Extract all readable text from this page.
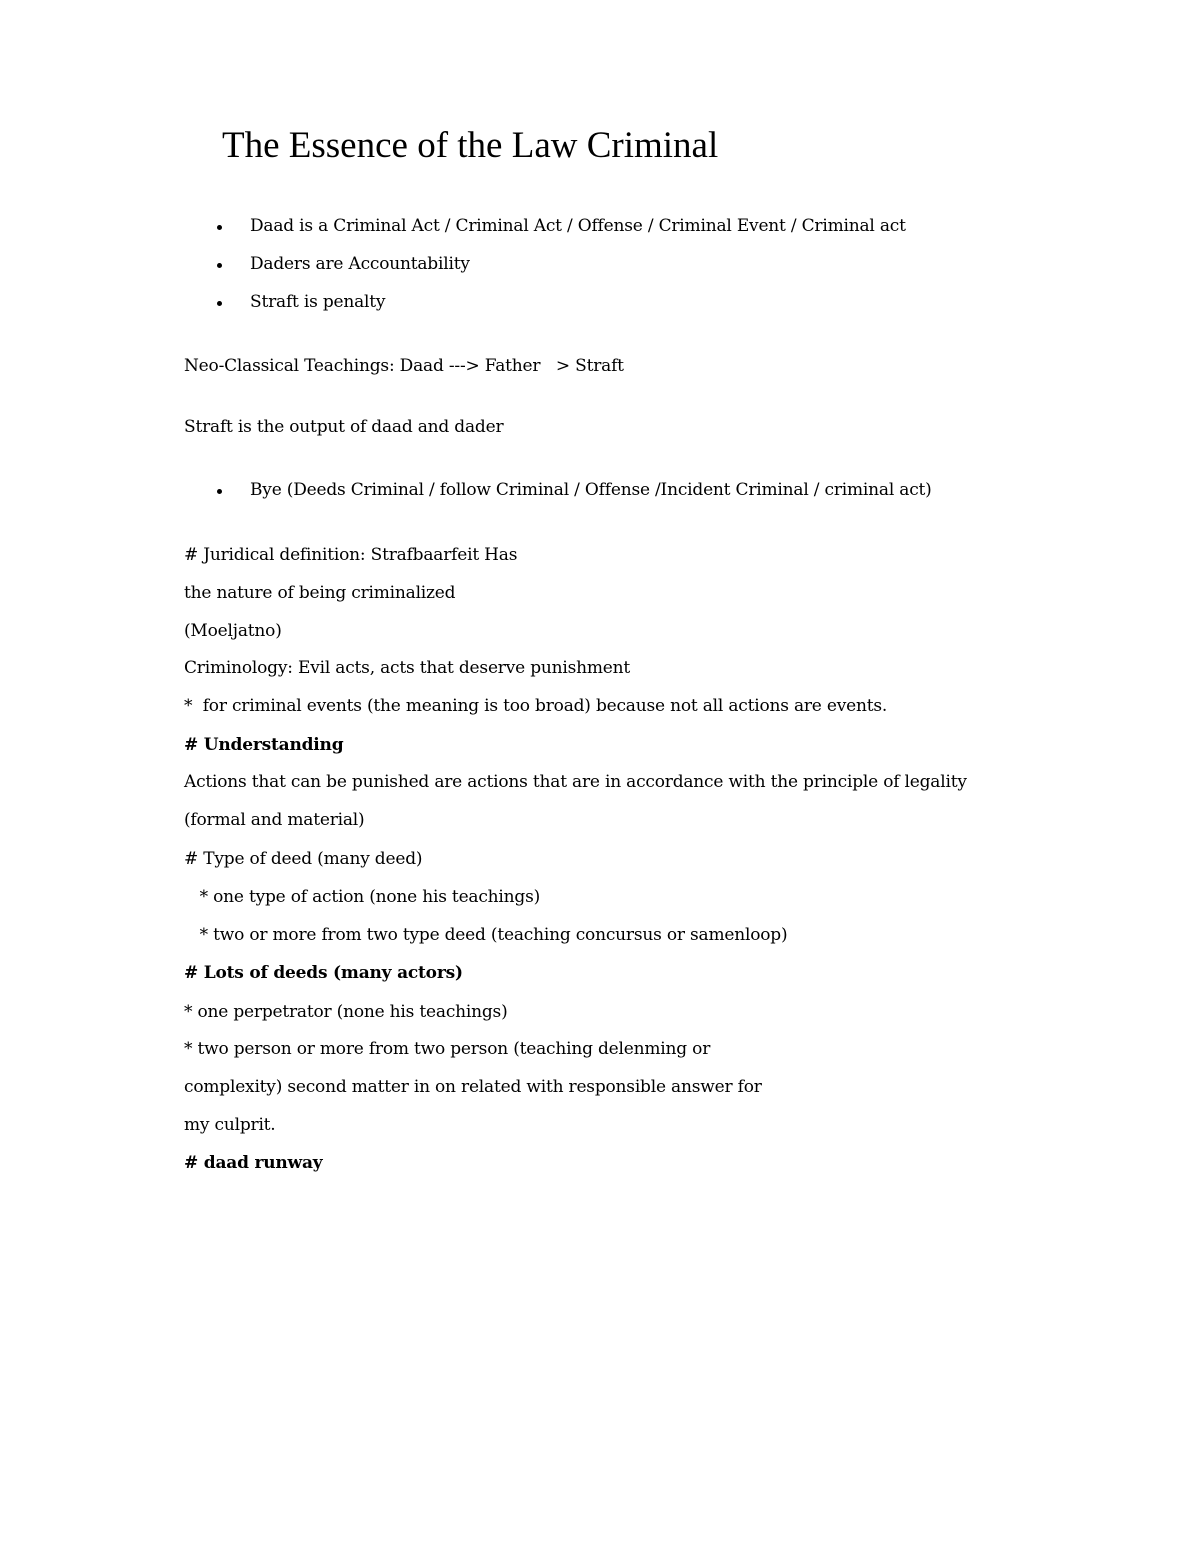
The Essence of the Law Criminal
Daad is a Criminal Act / Criminal Act / Offense / Criminal Event / Criminal act
Daders are Accountability
Straft is penalty
Neo-Classical Teachings: Daad ---> Father   > Straft
Straft is the output of daad and dader
Bye (Deeds Criminal / follow Criminal / Offense /Incident Criminal / criminal act)
# Juridical definition: Strafbaarfeit Has
the nature of being criminalized
(Moeljatno)
Criminology: Evil acts, acts that deserve punishment
*  for criminal events (the meaning is too broad) because not all actions are events.
# Understanding
Actions that can be punished are actions that are in accordance with the principle of legality
(formal and material)
# Type of deed (many deed)
* one type of action (none his teachings)
* two or more from two type deed (teaching concursus or samenloop)
# Lots of deeds (many actors)
* one perpetrator (none his teachings)
* two person or more from two person (teaching delenming or
complexity) second matter in on related with responsible answer for
my culprit.
# daad runway
